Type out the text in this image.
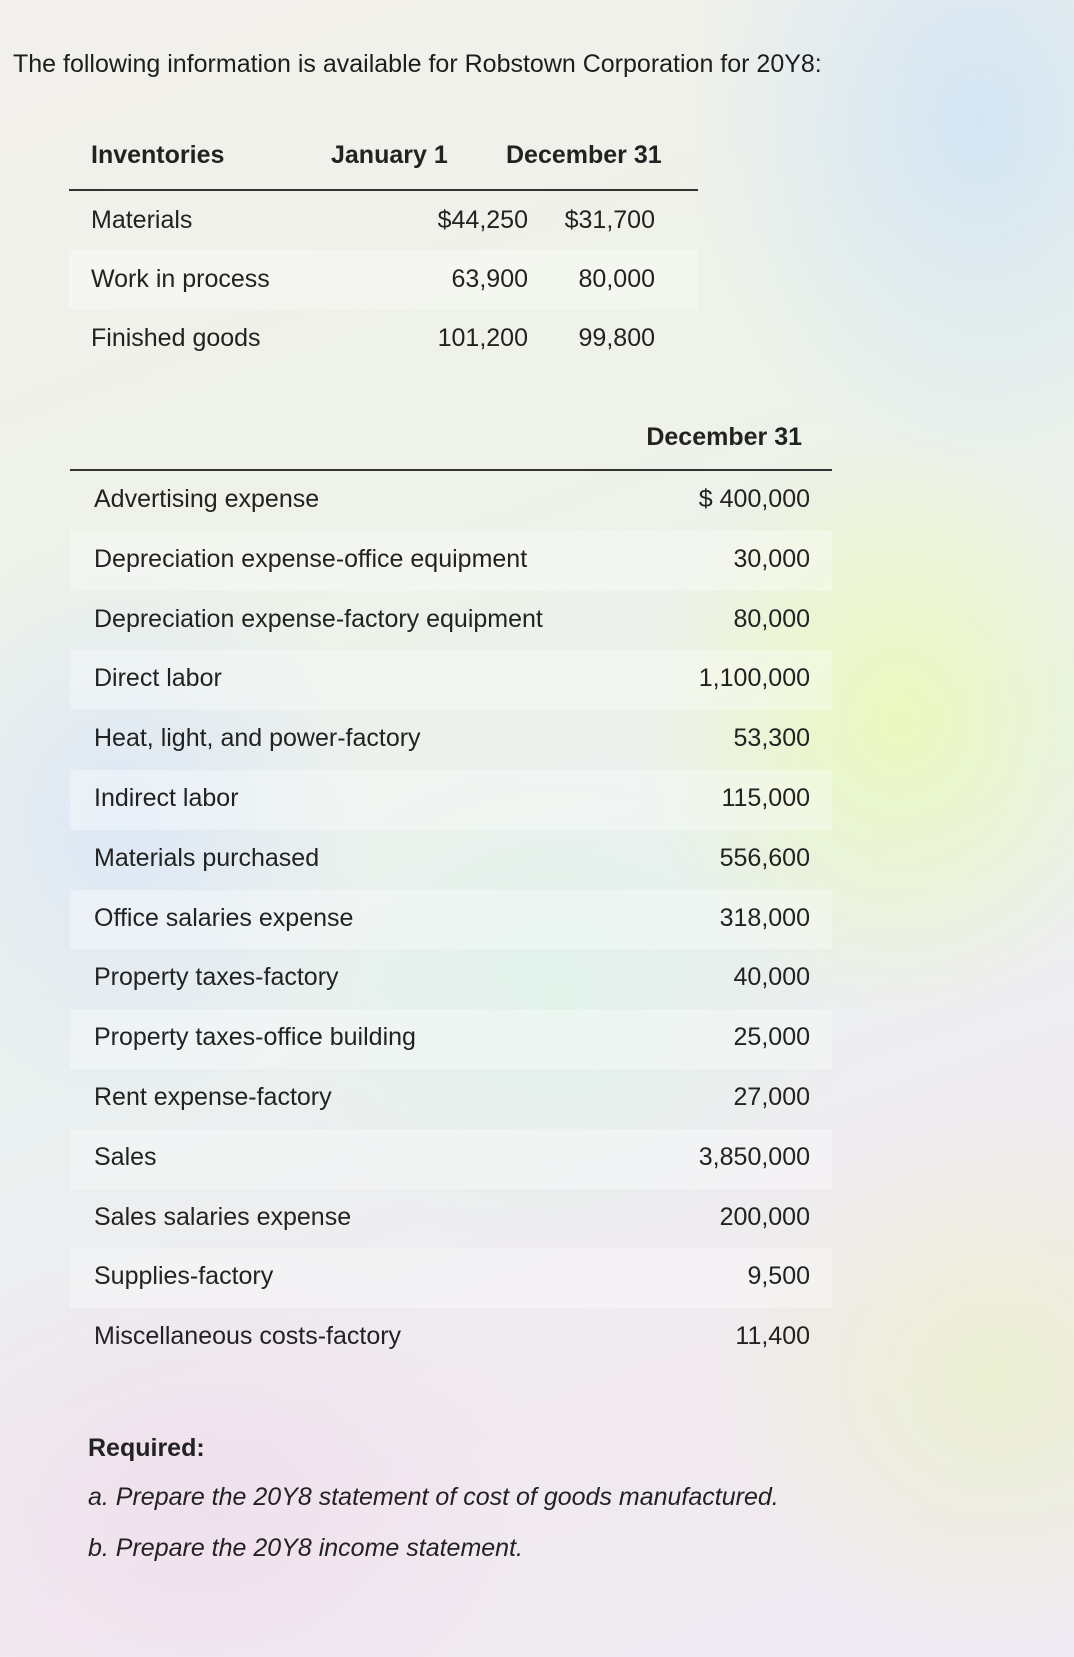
The following information is available for Robstown Corporation for 20Y8:
Inventories	January 1 December 31
Materials	$44,250 $31,700
Work in process	63,900 80,000
Finished goods	101,200 99,800
December 31
Advertising expense	$ 400,000
Depreciation expense-office equipment	30,000
Depreciation expense-factory equipment	80,000
Direct labor	1,100,000
Heat, light, and power-factory	53,300
Indirect labor	115,000
Materials purchased	556,600
Office salaries expense	318,000
Property taxes-factory	40,000
Property taxes-office building	25,000
Rent expense-factory	27,000
Sales	3,850,000
Sales salaries expense	200,000
Supplies-factory	9,500
Miscellaneous costs-factory	11,400
Required:
a. Prepare the 20Y8 statement of cost of goods manufactured.
b. Prepare the 20Y8 income statement.
